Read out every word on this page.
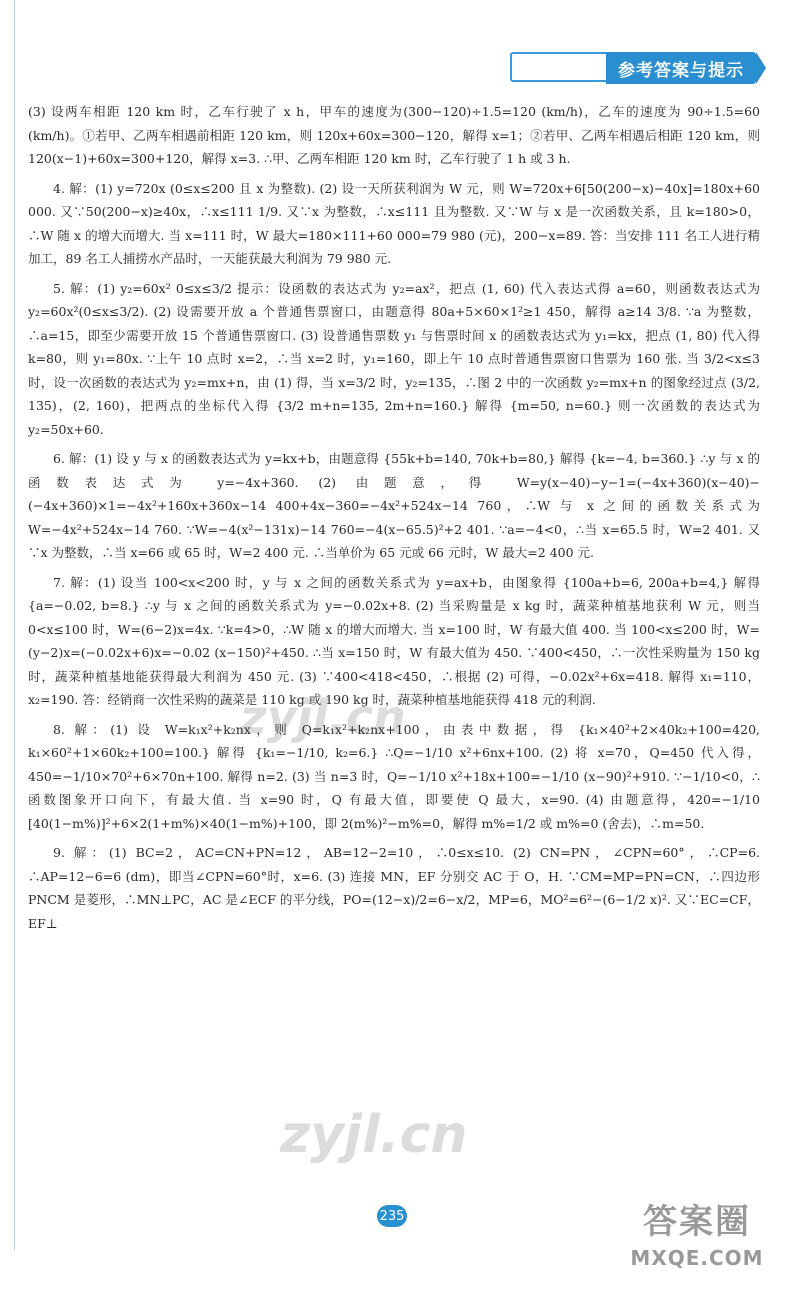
参考答案与提示

(3) 设两车相距 120 km 时，乙车行驶了 x h，甲车的速度为(300−120)÷1.5=120 (km/h)，乙车的速度为 90÷1.5=60 (km/h)。①若甲、乙两车相遇前相距 120 km，则 120x+60x=300−120，解得 x=1；②若甲、乙两车相遇后相距 120 km，则 120(x−1)+60x=300+120，解得 x=3. ∴甲、乙两车相距 120 km 时，乙车行驶了 1 h 或 3 h.

4. 解：(1) y=720x (0≤x≤200 且 x 为整数). (2) 设一天所获利润为 W 元，则 W=720x+6[50(200−x)−40x]=180x+60 000. 又∵50(200−x)≥40x，∴x≤111 1/9. 又∵x 为整数，∴x≤111 且为整数. 又∵W 与 x 是一次函数关系，且 k=180>0，∴W 随 x 的增大而增大. 当 x=111 时，W 最大=180×111+60 000=79 980 (元)，200−x=89. 答：当安排 111 名工人进行精加工，89 名工人捕捞水产品时，一天能获最大利润为 79 980 元.

5. 解：(1) y₂=60x² 0≤x≤3/2 提示：设函数的表达式为 y₂=ax²，把点 (1, 60) 代入表达式得 a=60，则函数表达式为 y₂=60x²(0≤x≤3/2). (2) 设需要开放 a 个普通售票窗口，由题意得 80a+5×60×1²≥1 450，解得 a≥14 3/8. ∵a 为整数，∴a=15，即至少需要开放 15 个普通售票窗口. (3) 设普通售票数 y₁ 与售票时间 x 的函数表达式为 y₁=kx，把点 (1, 80) 代入得 k=80，则 y₁=80x. ∵上午 10 点时 x=2，∴当 x=2 时，y₁=160，即上午 10 点时普通售票窗口售票为 160 张. 当 3/2<x≤3 时，设一次函数的表达式为 y₂=mx+n，由 (1) 得，当 x=3/2 时，y₂=135，∴图 2 中的一次函数 y₂=mx+n 的图象经过点 (3/2, 135)，(2, 160)，把两点的坐标代入得 {3/2 m+n=135, 2m+n=160.} 解得 {m=50, n=60.} 则一次函数的表达式为 y₂=50x+60.

6. 解：(1) 设 y 与 x 的函数表达式为 y=kx+b，由题意得 {55k+b=140, 70k+b=80,} 解得 {k=−4, b=360.} ∴y 与 x 的函数表达式为 y=−4x+360. (2) 由题意，得 W=y(x−40)−y−1=(−4x+360)(x−40)−(−4x+360)×1=−4x²+160x+360x−14 400+4x−360=−4x²+524x−14 760，∴W 与 x 之间的函数关系式为 W=−4x²+524x−14 760. ∵W=−4(x²−131x)−14 760=−4(x−65.5)²+2 401. ∵a=−4<0，∴当 x=65.5 时，W=2 401. 又∵x 为整数，∴当 x=66 或 65 时，W=2 400 元. ∴当单价为 65 元或 66 元时，W 最大=2 400 元.

7. 解：(1) 设当 100<x<200 时，y 与 x 之间的函数关系式为 y=ax+b，由图象得 {100a+b=6, 200a+b=4,} 解得 {a=−0.02, b=8.} ∴y 与 x 之间的函数关系式为 y=−0.02x+8. (2) 当采购量是 x kg 时，蔬菜种植基地获利 W 元，则当 0<x≤100 时，W=(6−2)x=4x. ∵k=4>0，∴W 随 x 的增大而增大. 当 x=100 时，W 有最大值 400. 当 100<x≤200 时，W=(y−2)x=(−0.02x+6)x=−0.02 (x−150)²+450. ∴当 x=150 时，W 有最大值为 450. ∵400<450，∴一次性采购量为 150 kg 时，蔬菜种植基地能获得最大利润为 450 元. (3) ∵400<418<450，∴根据 (2) 可得，−0.02x²+6x=418. 解得 x₁=110，x₂=190. 答：经销商一次性采购的蔬菜是 110 kg 或 190 kg 时，蔬菜种植基地能获得 418 元的利润.

8. 解：(1) 设 W=k₁x²+k₂nx，则 Q=k₁x²+k₂nx+100，由表中数据，得 {k₁×40²+2×40k₂+100=420, k₁×60²+1×60k₂+100=100.} 解得 {k₁=−1/10, k₂=6.} ∴Q=−1/10 x²+6nx+100. (2) 将 x=70，Q=450 代入得，450=−1/10×70²+6×70n+100. 解得 n=2. (3) 当 n=3 时，Q=−1/10 x²+18x+100=−1/10 (x−90)²+910. ∵−1/10<0，∴函数图象开口向下，有最大值. 当 x=90 时，Q 有最大值，即要使 Q 最大，x=90. (4) 由题意得，420=−1/10 [40(1−m%)]²+6×2(1+m%)×40(1−m%)+100，即 2(m%)²−m%=0，解得 m%=1/2 或 m%=0 (舍去)，∴m=50.

9. 解：(1) BC=2，AC=CN+PN=12，AB=12−2=10，∴0≤x≤10. (2) CN=PN，∠CPN=60°，∴CP=6. ∴AP=12−6=6 (dm)，即当∠CPN=60°时，x=6. (3) 连接 MN，EF 分别交 AC 于 O，H. ∵CM=MP=PN=CN，∴四边形 PNCM 是菱形，∴MN⊥PC，AC 是∠ECF 的平分线，PO=(12−x)/2=6−x/2，MP=6，MO²=6²−(6−1/2 x)². 又∵EC=CF，EF⊥

zyjl.cn
zyjl.cn
235	答案圈
MXQE.COM
